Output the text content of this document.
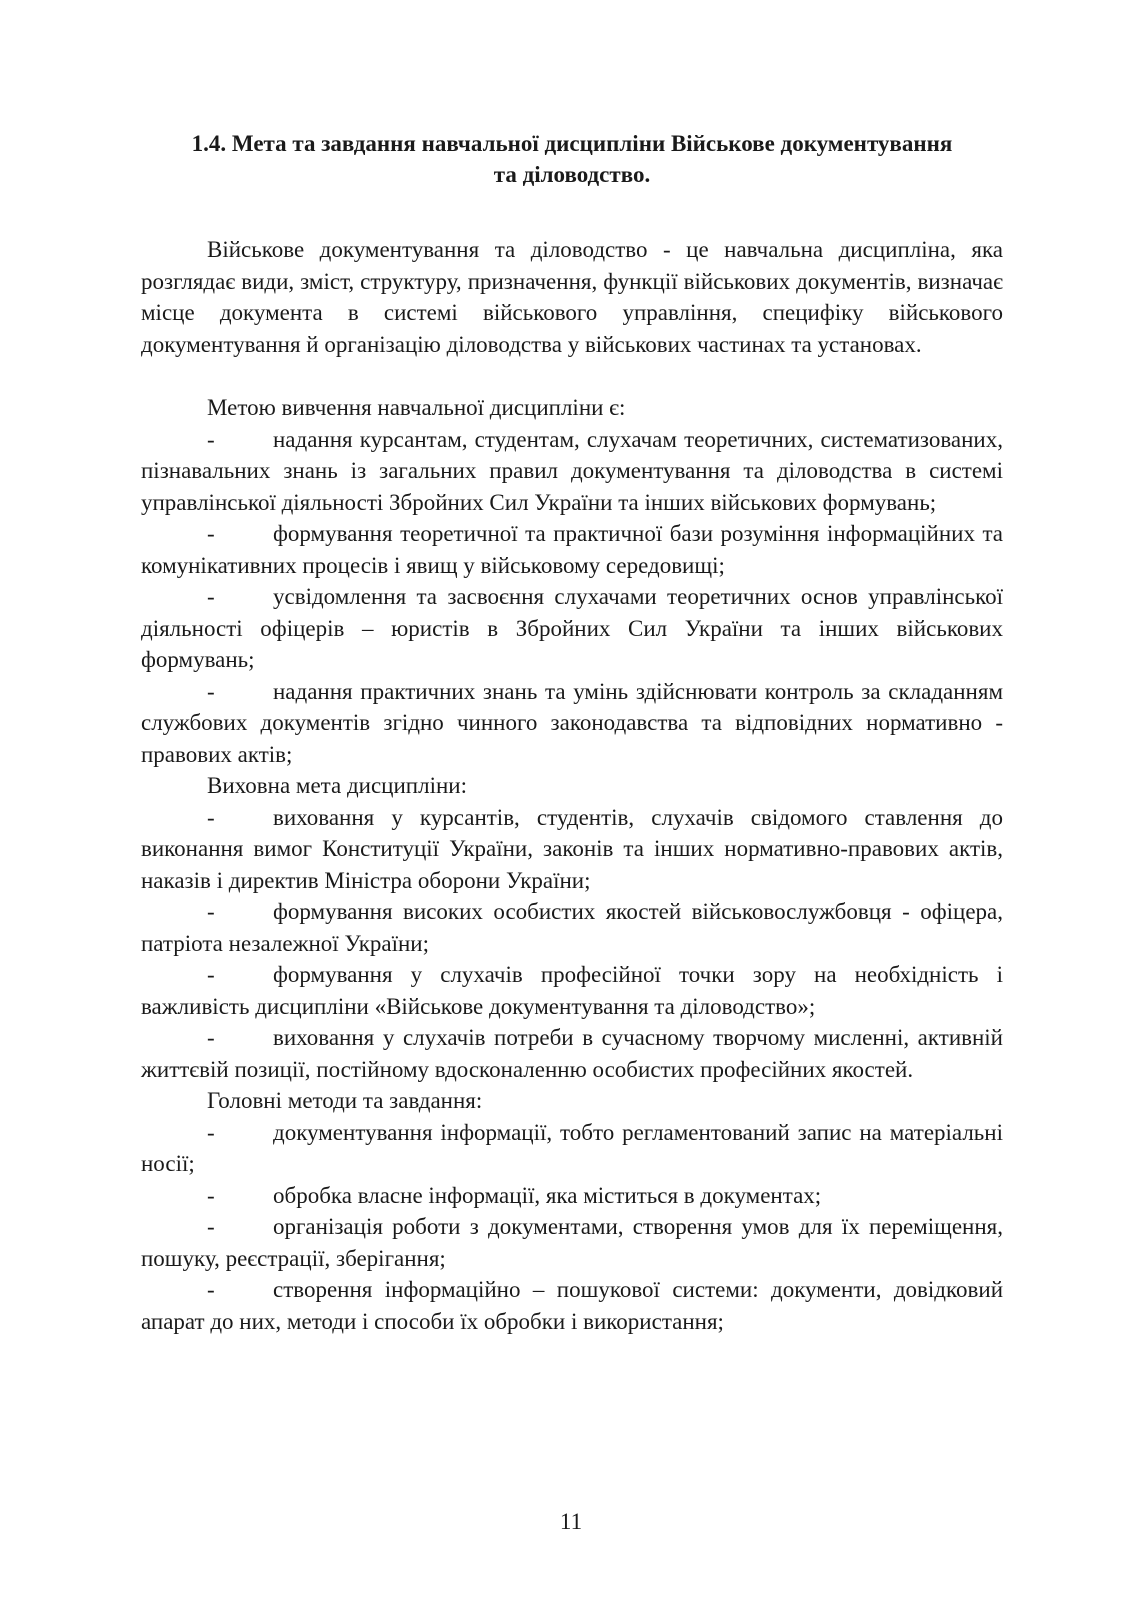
1.4. Мета та завдання навчальної дисципліни Військове документування
та діловодство.

Військове документування та діловодство - це навчальна дисципліна, яка розглядає види, зміст, структуру, призначення, функції військових документів, визначає місце документа в системі військового управління, специфіку військового документування й організацію діловодства у військових частинах та установах.

Метою вивчення навчальної дисципліни є:

-	надання курсантам, студентам, слухачам теоретичних, систематизованих, пізнавальних знань із загальних правил документування та діловодства в системі управлінської діяльності Збройних Сил України та інших військових формувань;

-	формування теоретичної та практичної бази розуміння інформаційних та комунікативних процесів і явищ у військовому середовищі;

-	усвідомлення та засвоєння слухачами теоретичних основ управлінської діяльності офіцерів – юристів в Збройних Сил України та інших військових формувань;

-	надання практичних знань та умінь здійснювати контроль за складанням службових документів згідно чинного законодавства та відповідних нормативно - правових актів;

Виховна мета дисципліни:

-	виховання у курсантів, студентів, слухачів свідомого ставлення до виконання вимог Конституції України, законів та інших нормативно-правових актів, наказів і директив Міністра оборони України;

-	формування високих особистих якостей військовослужбовця - офіцера, патріота незалежної України;

-	формування у слухачів професійної точки зору на необхідність і важливість дисципліни «Військове документування та діловодство»;

-	виховання у слухачів потреби в сучасному творчому мисленні, активній життєвій позиції, постійному вдосконаленню особистих професійних якостей.

Головні методи та завдання:

-	документування інформації, тобто регламентований запис на матеріальні носії;

-	обробка власне інформації, яка міститься в документах;

-	організація роботи з документами, створення умов для їх переміщення, пошуку, реєстрації, зберігання;

-	створення інформаційно – пошукової системи: документи, довідковий апарат до них, методи і способи їх обробки і використання;

11
